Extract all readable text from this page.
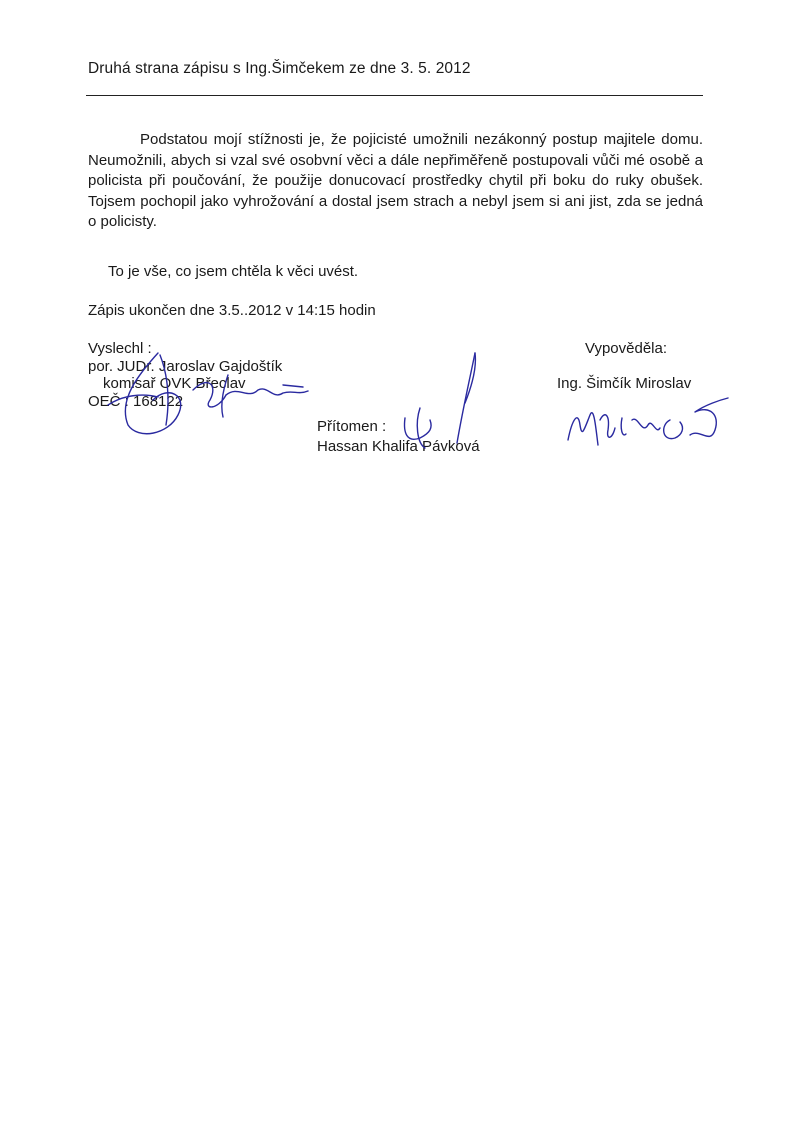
Druhá strana zápisu s Ing.Šimčekem ze dne 3. 5. 2012

Podstatou mojí stížnosti je, že pojicisté umožnili nezákonný postup majitele domu. Neumožnili, abych si vzal své osobvní věci a dále nepřiměřeně postupovali vůči mé osobě a policista při poučování, že použije donucovací prostředky chytil při boku do ruky obušek. Tojsem pochopil jako vyhrožování a dostal jsem strach a nebyl jsem si ani jist, zda se jedná o policisty.

To je vše, co jsem chtěla k věci uvést.

Zápis ukončen dne 3.5..2012 v 14:15 hodin

Vyslechl :
por. JUDr. Jaroslav Gajdoštík
komisař OVK Břeclav
OEČ : 168122
Přítomen :
Hassan Khalifa Pávková

Vypověděla:

Ing. Šimčík Miroslav
